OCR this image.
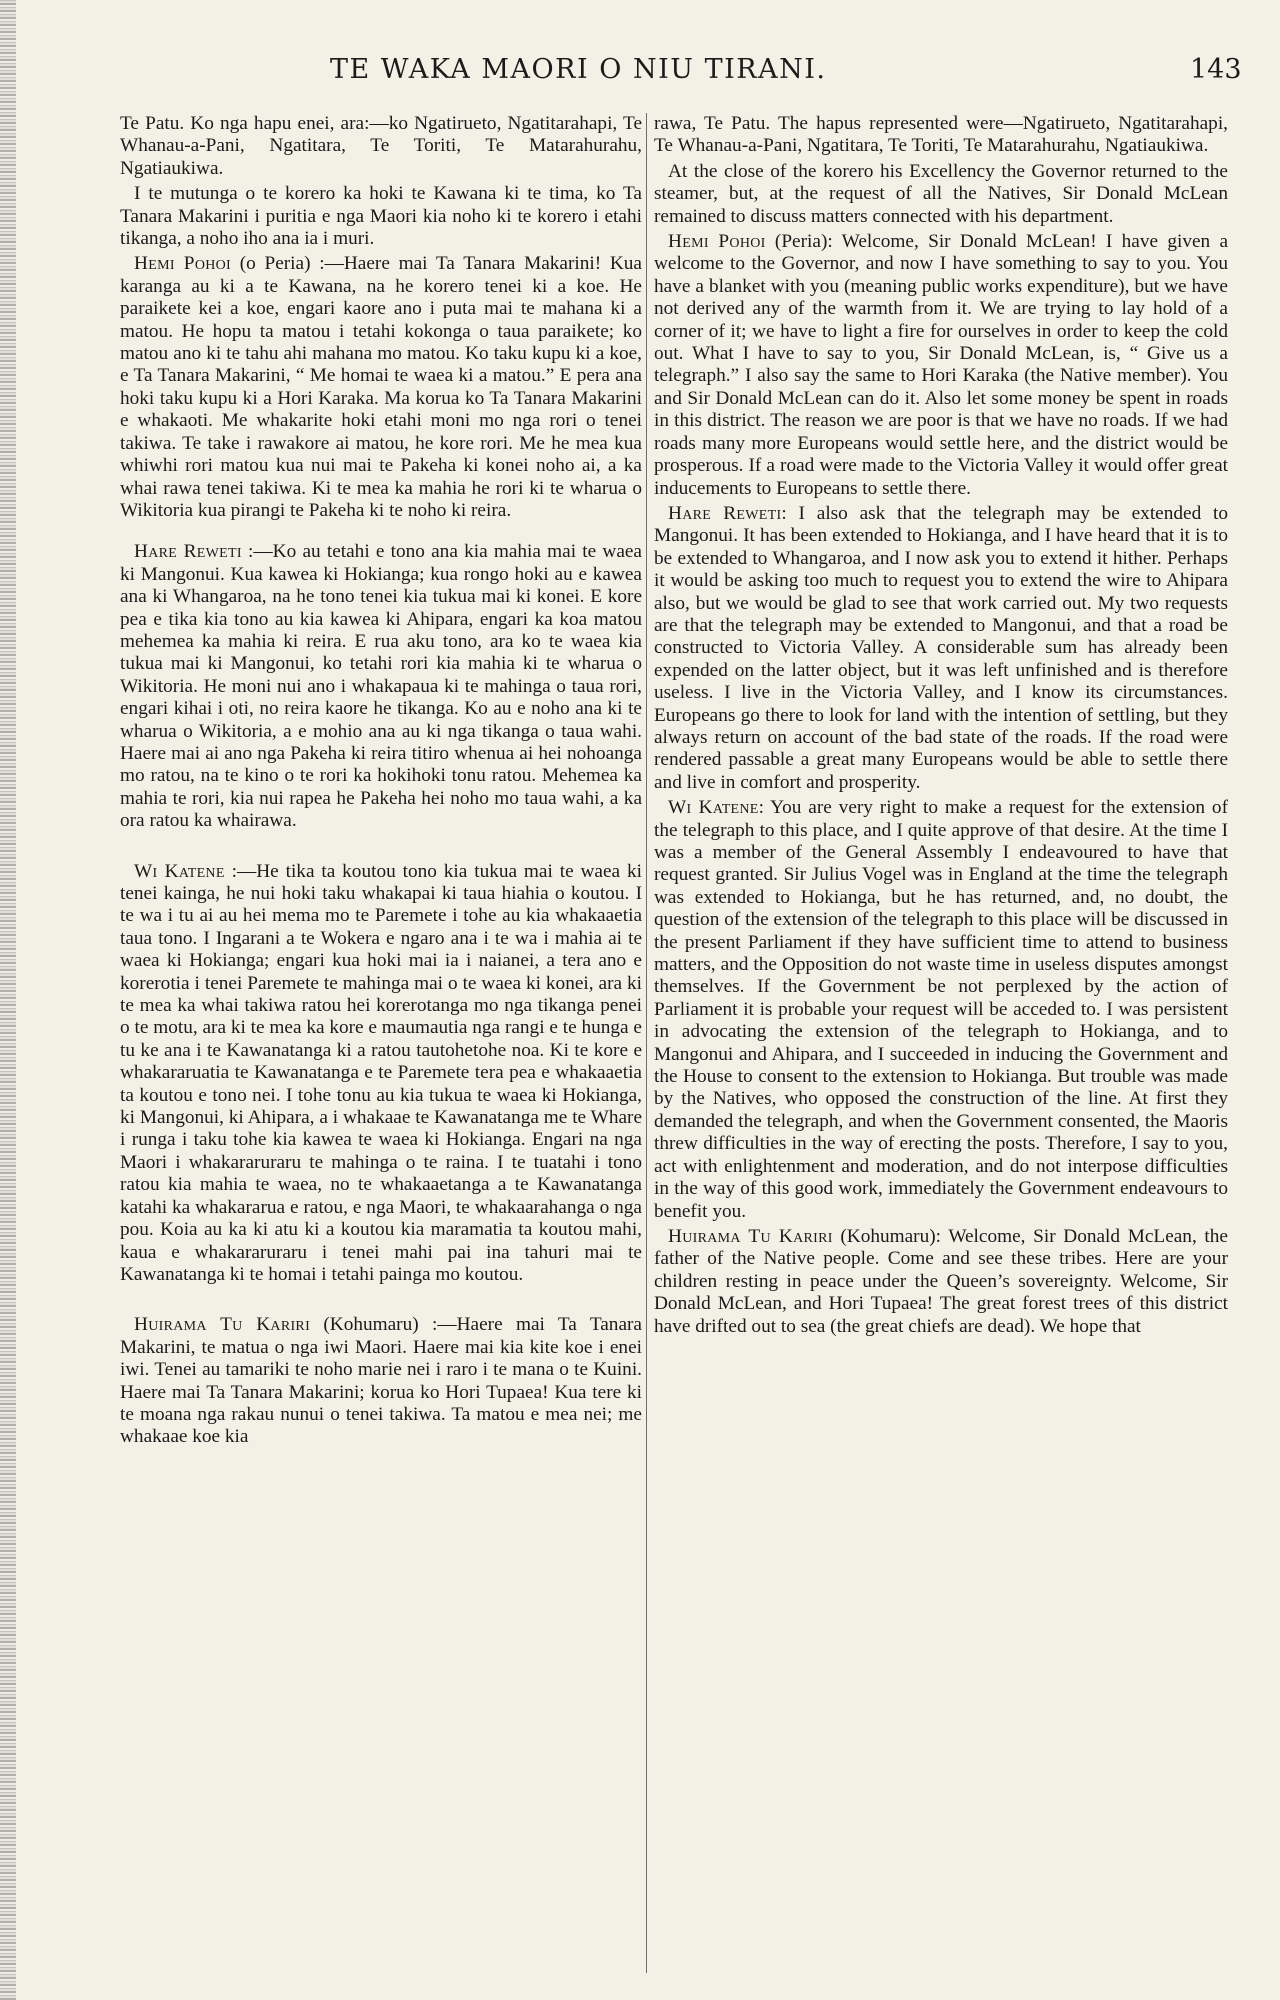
TE WAKA MAORI O NIU TIRANI.	143

Te Patu. Ko nga hapu enei, ara:—ko Ngatirueto, Ngatitarahapi, Te Whanau-a-Pani, Ngatitara, Te Toriti, Te Matarahurahu, Ngatiaukiwa.

I te mutunga o te korero ka hoki te Kawana ki te tima, ko Ta Tanara Makarini i puritia e nga Maori kia noho ki te korero i etahi tikanga, a noho iho ana ia i muri.

Hemi Pohoi (o Peria) :—Haere mai Ta Tanara Makarini! Kua karanga au ki a te Kawana, na he korero tenei ki a koe. He paraikete kei a koe, engari kaore ano i puta mai te mahana ki a matou. He hopu ta matou i tetahi kokonga o taua paraikete; ko matou ano ki te tahu ahi mahana mo matou. Ko taku kupu ki a koe, e Ta Tanara Makarini, “ Me homai te waea ki a matou.” E pera ana hoki taku kupu ki a Hori Karaka. Ma korua ko Ta Tanara Makarini e whakaoti. Me whakarite hoki etahi moni mo nga rori o tenei takiwa. Te take i rawakore ai matou, he kore rori. Me he mea kua whiwhi rori matou kua nui mai te Pakeha ki konei noho ai, a ka whai rawa tenei takiwa. Ki te mea ka mahia he rori ki te wharua o Wikitoria kua pirangi te Pakeha ki te noho ki reira.

Hare Reweti :—Ko au tetahi e tono ana kia mahia mai te waea ki Mangonui. Kua kawea ki Hokianga; kua rongo hoki au e kawea ana ki Whangaroa, na he tono tenei kia tukua mai ki konei. E kore pea e tika kia tono au kia kawea ki Ahipara, engari ka koa matou mehemea ka mahia ki reira. E rua aku tono, ara ko te waea kia tukua mai ki Mangonui, ko tetahi rori kia mahia ki te wharua o Wikitoria. He moni nui ano i whakapaua ki te mahinga o taua rori, engari kihai i oti, no reira kaore he tikanga. Ko au e noho ana ki te wharua o Wikitoria, a e mohio ana au ki nga tikanga o taua wahi. Haere mai ai ano nga Pakeha ki reira titiro whenua ai hei nohoanga mo ratou, na te kino o te rori ka hokihoki tonu ratou. Mehemea ka mahia te rori, kia nui rapea he Pakeha hei noho mo taua wahi, a ka ora ratou ka whairawa.

Wi Katene :—He tika ta koutou tono kia tukua mai te waea ki tenei kainga, he nui hoki taku whakapai ki taua hiahia o koutou. I te wa i tu ai au hei mema mo te Paremete i tohe au kia whakaaetia taua tono. I Ingarani a te Wokera e ngaro ana i te wa i mahia ai te waea ki Hokianga; engari kua hoki mai ia i naianei, a tera ano e korerotia i tenei Paremete te mahinga mai o te waea ki konei, ara ki te mea ka whai takiwa ratou hei korerotanga mo nga tikanga penei o te motu, ara ki te mea ka kore e maumautia nga rangi e te hunga e tu ke ana i te Kawanatanga ki a ratou tautohetohe noa. Ki te kore e whakararuatia te Kawanatanga e te Paremete tera pea e whakaaetia ta koutou e tono nei. I tohe tonu au kia tukua te waea ki Hokianga, ki Mangonui, ki Ahipara, a i whakaae te Kawanatanga me te Whare i runga i taku tohe kia kawea te waea ki Hokianga. Engari na nga Maori i whakararuraru te mahinga o te raina. I te tuatahi i tono ratou kia mahia te waea, no te whakaaetanga a te Kawanatanga katahi ka whakararua e ratou, e nga Maori, te whakaarahanga o nga pou. Koia au ka ki atu ki a koutou kia maramatia ta koutou mahi, kaua e whakararuraru i tenei mahi pai ina tahuri mai te Kawanatanga ki te homai i tetahi painga mo koutou.

Huirama Tu Kariri (Kohumaru) :—Haere mai Ta Tanara Makarini, te matua o nga iwi Maori. Haere mai kia kite koe i enei iwi. Tenei au tamariki te noho marie nei i raro i te mana o te Kuini. Haere mai Ta Tanara Makarini; korua ko Hori Tupaea! Kua tere ki te moana nga rakau nunui o tenei takiwa. Ta matou e mea nei; me whakaae koe kia

rawa, Te Patu. The hapus represented were—Ngatirueto, Ngatitarahapi, Te Whanau-a-Pani, Ngatitara, Te Toriti, Te Matarahurahu, Ngatiaukiwa.

At the close of the korero his Excellency the Governor returned to the steamer, but, at the request of all the Natives, Sir Donald McLean remained to discuss matters connected with his department.

Hemi Pohoi (Peria): Welcome, Sir Donald McLean! I have given a welcome to the Governor, and now I have something to say to you. You have a blanket with you (meaning public works expenditure), but we have not derived any of the warmth from it. We are trying to lay hold of a corner of it; we have to light a fire for ourselves in order to keep the cold out. What I have to say to you, Sir Donald McLean, is, “ Give us a telegraph.” I also say the same to Hori Karaka (the Native member). You and Sir Donald McLean can do it. Also let some money be spent in roads in this district. The reason we are poor is that we have no roads. If we had roads many more Europeans would settle here, and the district would be prosperous. If a road were made to the Victoria Valley it would offer great inducements to Europeans to settle there.

Hare Reweti: I also ask that the telegraph may be extended to Mangonui. It has been extended to Hokianga, and I have heard that it is to be extended to Whangaroa, and I now ask you to extend it hither. Perhaps it would be asking too much to request you to extend the wire to Ahipara also, but we would be glad to see that work carried out. My two requests are that the telegraph may be extended to Mangonui, and that a road be constructed to Victoria Valley. A considerable sum has already been expended on the latter object, but it was left unfinished and is therefore useless. I live in the Victoria Valley, and I know its circumstances. Europeans go there to look for land with the intention of settling, but they always return on account of the bad state of the roads. If the road were rendered passable a great many Europeans would be able to settle there and live in comfort and prosperity.

Wi Katene: You are very right to make a request for the extension of the telegraph to this place, and I quite approve of that desire. At the time I was a member of the General Assembly I endeavoured to have that request granted. Sir Julius Vogel was in England at the time the telegraph was extended to Hokianga, but he has returned, and, no doubt, the question of the extension of the telegraph to this place will be discussed in the present Parliament if they have sufficient time to attend to business matters, and the Opposition do not waste time in useless disputes amongst themselves. If the Government be not perplexed by the action of Parliament it is probable your request will be acceded to. I was persistent in advocating the extension of the telegraph to Hokianga, and to Mangonui and Ahipara, and I succeeded in inducing the Government and the House to consent to the extension to Hokianga. But trouble was made by the Natives, who opposed the construction of the line. At first they demanded the telegraph, and when the Government consented, the Maoris threw difficulties in the way of erecting the posts. Therefore, I say to you, act with enlightenment and moderation, and do not interpose difficulties in the way of this good work, immediately the Government endeavours to benefit you.

Huirama Tu Kariri (Kohumaru): Welcome, Sir Donald McLean, the father of the Native people. Come and see these tribes. Here are your children resting in peace under the Queen’s sovereignty. Welcome, Sir Donald McLean, and Hori Tupaea! The great forest trees of this district have drifted out to sea (the great chiefs are dead). We hope that
